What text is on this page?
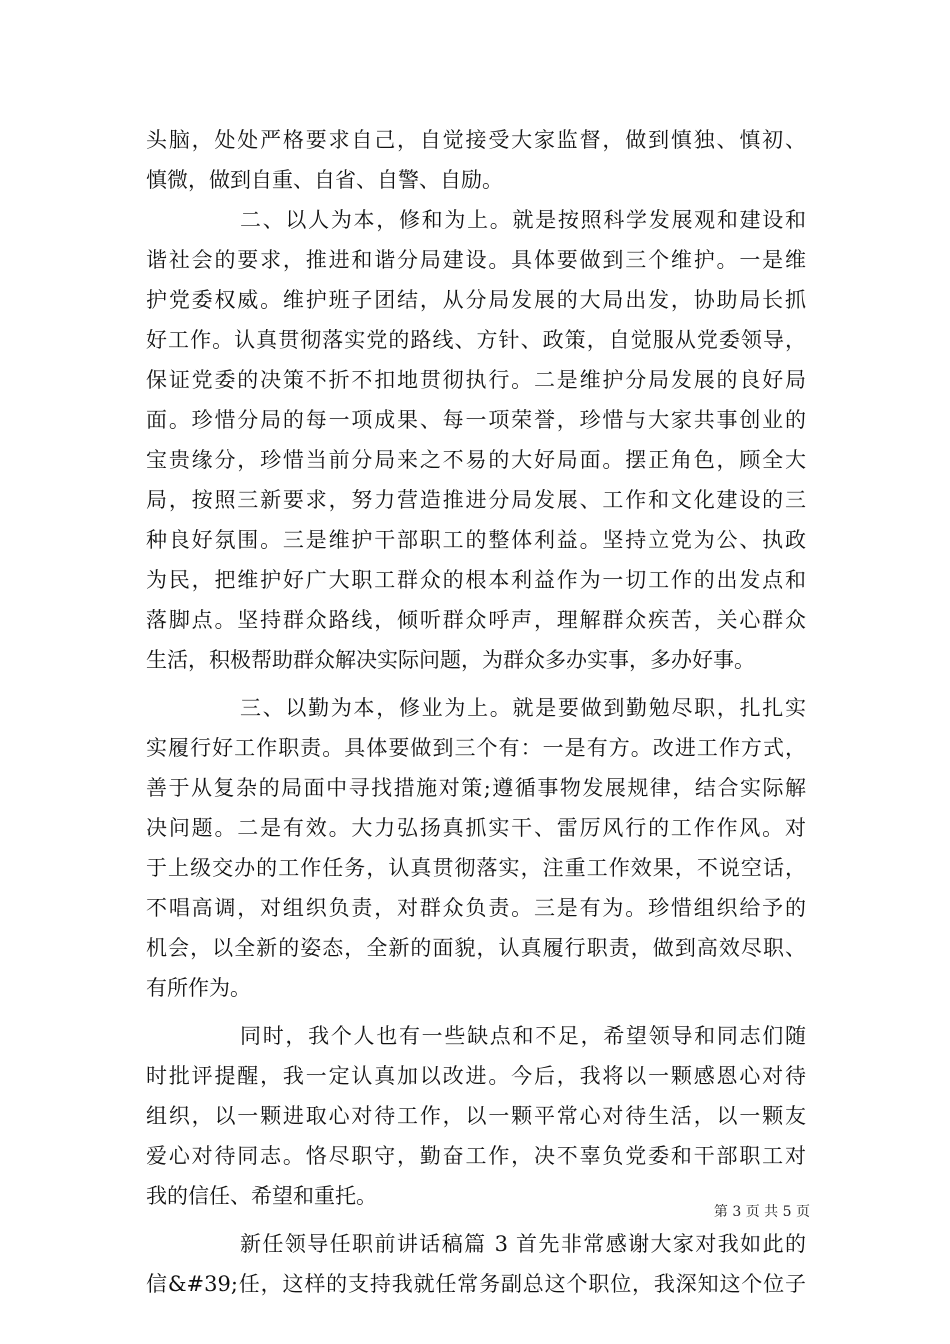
头脑，处处严格要求自己，自觉接受大家监督，做到慎独、慎初、
慎微，做到自重、自省、自警、自励。
二、以人为本，修和为上。就是按照科学发展观和建设和
谐社会的要求，推进和谐分局建设。具体要做到三个维护。一是维
护党委权威。维护班子团结，从分局发展的大局出发，协助局长抓
好工作。认真贯彻落实党的路线、方针、政策，自觉服从党委领导，
保证党委的决策不折不扣地贯彻执行。二是维护分局发展的良好局
面。珍惜分局的每一项成果、每一项荣誉，珍惜与大家共事创业的
宝贵缘分，珍惜当前分局来之不易的大好局面。摆正角色，顾全大
局，按照三新要求，努力营造推进分局发展、工作和文化建设的三
种良好氛围。三是维护干部职工的整体利益。坚持立党为公、执政
为民，把维护好广大职工群众的根本利益作为一切工作的出发点和
落脚点。坚持群众路线，倾听群众呼声，理解群众疾苦，关心群众
生活，积极帮助群众解决实际问题，为群众多办实事，多办好事。
三、以勤为本，修业为上。就是要做到勤勉尽职，扎扎实
实履行好工作职责。具体要做到三个有：一是有方。改进工作方式，
善于从复杂的局面中寻找措施对策;遵循事物发展规律，结合实际解
决问题。二是有效。大力弘扬真抓实干、雷厉风行的工作作风。对
于上级交办的工作任务，认真贯彻落实，注重工作效果，不说空话，
不唱高调，对组织负责，对群众负责。三是有为。珍惜组织给予的
机会，以全新的姿态，全新的面貌，认真履行职责，做到高效尽职、
有所作为。
同时，我个人也有一些缺点和不足，希望领导和同志们随
时批评提醒，我一定认真加以改进。今后，我将以一颗感恩心对待
组织，以一颗进取心对待工作，以一颗平常心对待生活，以一颗友
爱心对待同志。恪尽职守，勤奋工作，决不辜负党委和干部职工对
我的信任、希望和重托。
新任领导任职前讲话稿篇 3 首先非常感谢大家对我如此的
信&#39;任，这样的支持我就任常务副总这个职位，我深知这个位子
第 3 页 共 5 页
